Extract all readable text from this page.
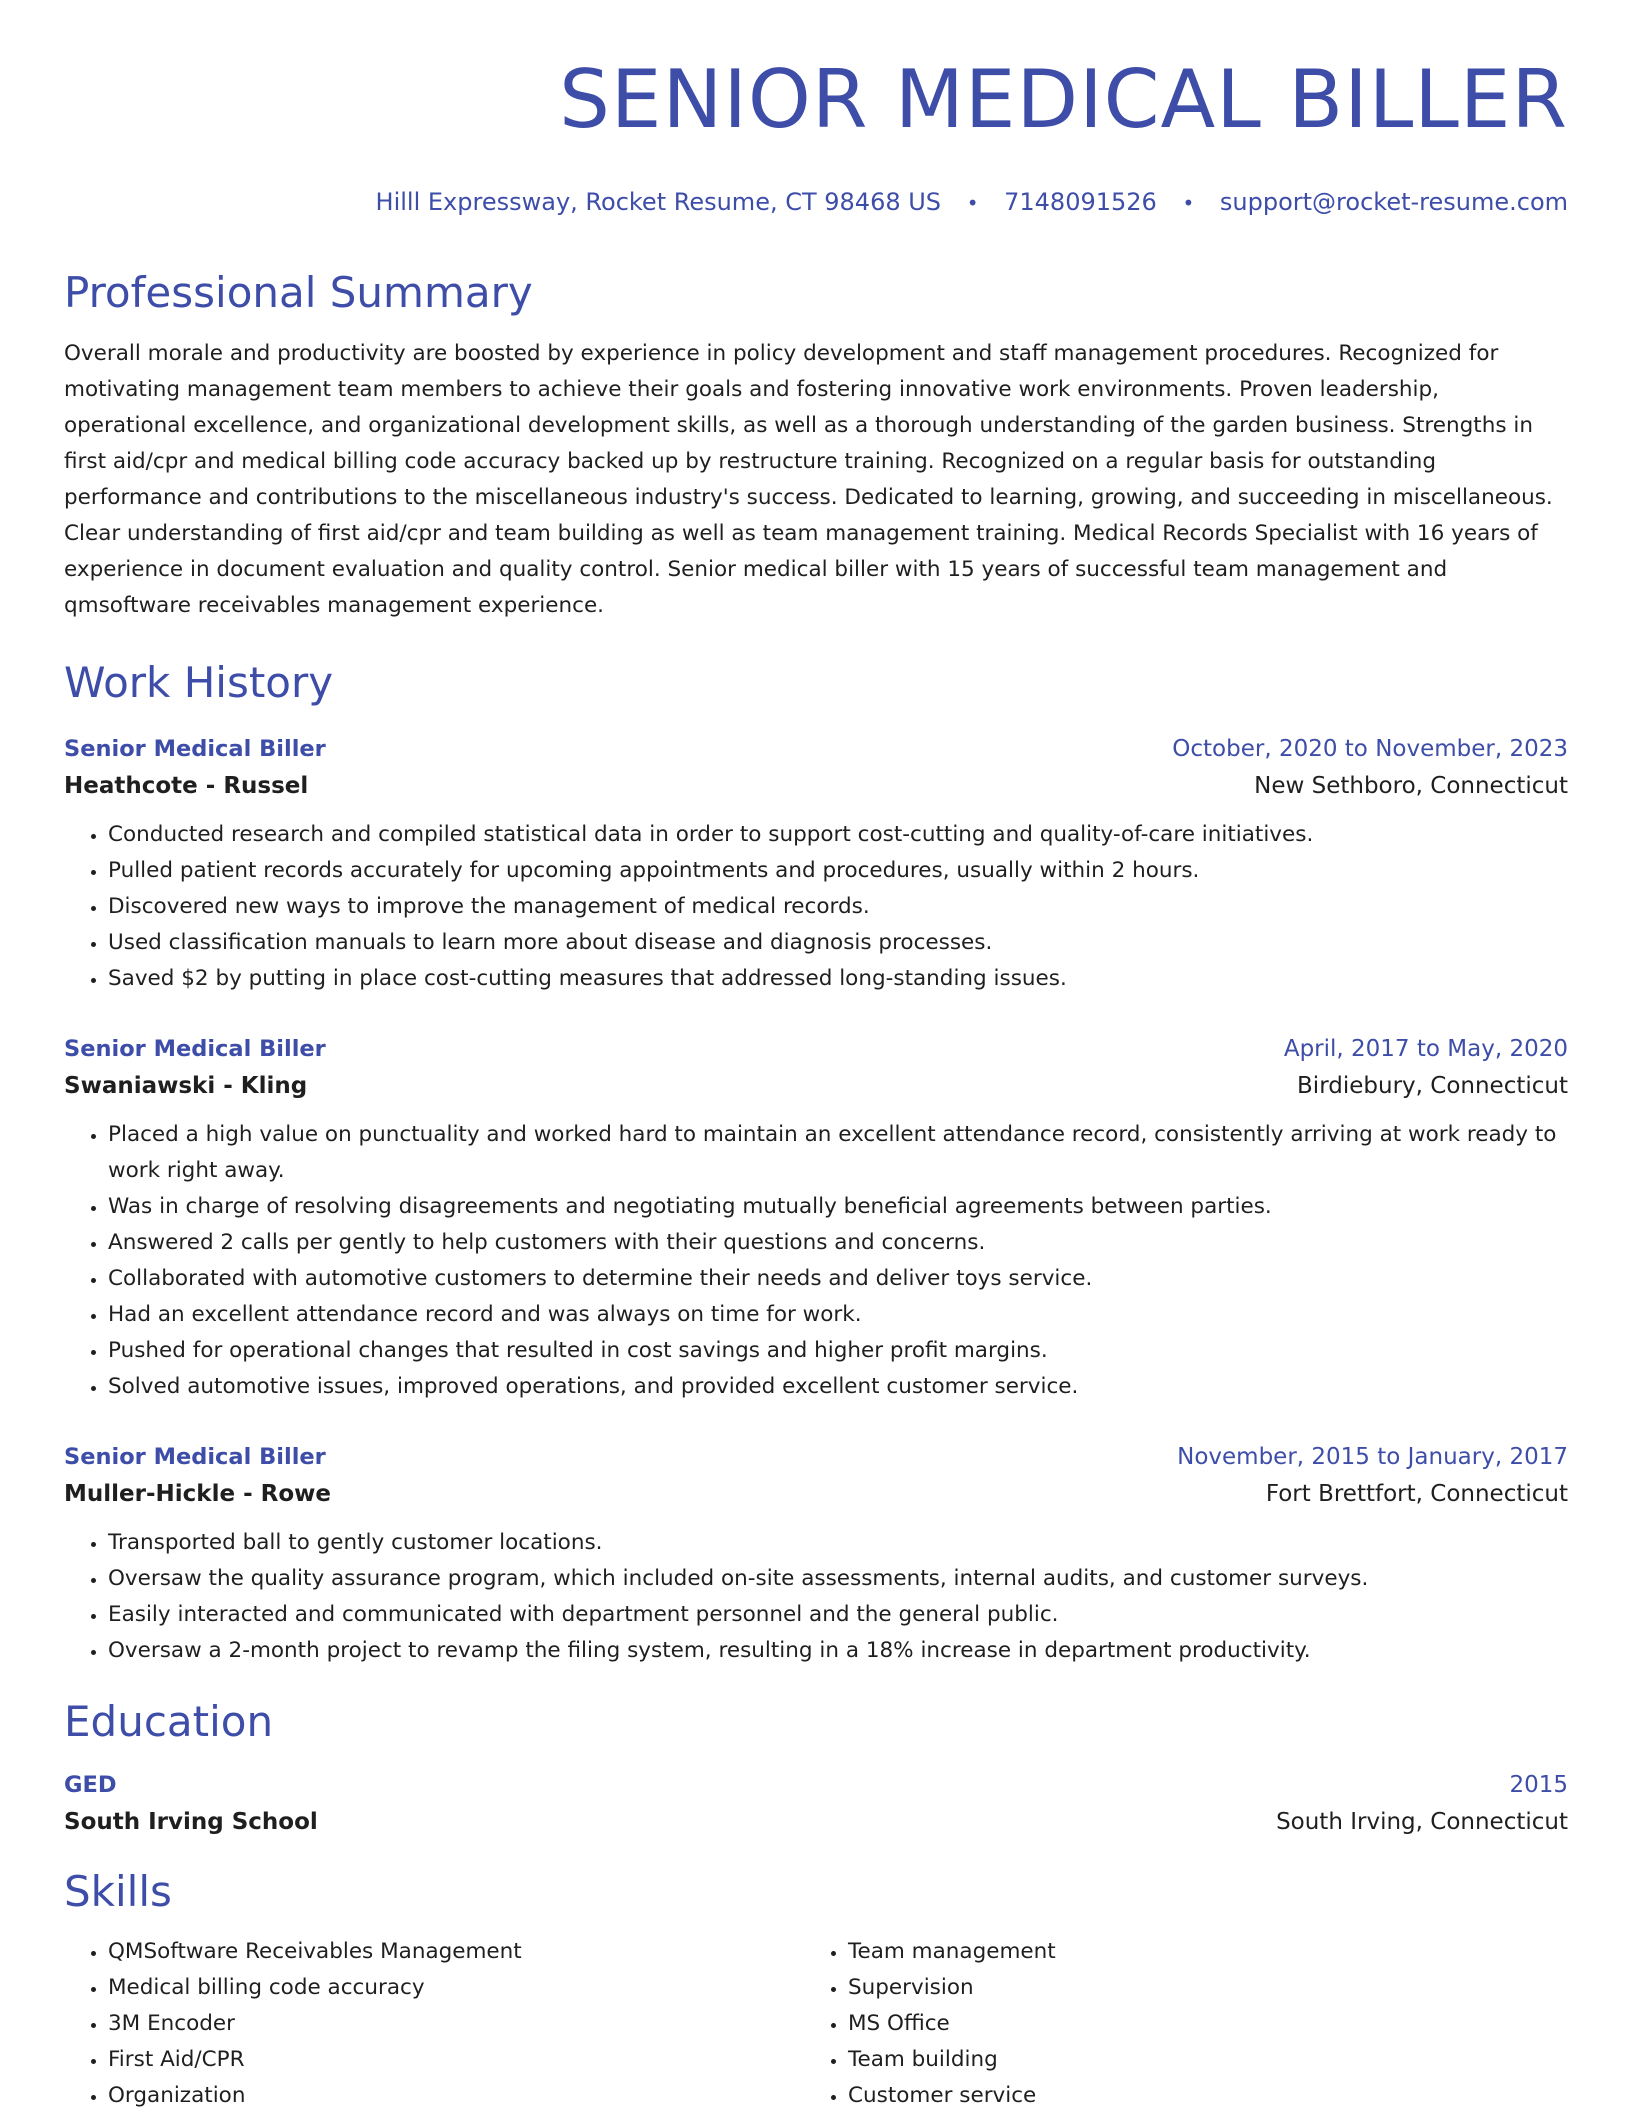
SENIOR MEDICAL BILLER
Hilll Expressway, Rocket Resume, CT 98468 US • 7148091526 • support@rocket-resume.com
Professional Summary

Overall morale and productivity are boosted by experience in policy development and staff management procedures. Recognized for motivating management team members to achieve their goals and fostering innovative work environments. Proven leadership, operational excellence, and organizational development skills, as well as a thorough understanding of the garden business. Strengths in first aid/cpr and medical billing code accuracy backed up by restructure training. Recognized on a regular basis for outstanding performance and contributions to the miscellaneous industry's success. Dedicated to learning, growing, and succeeding in miscellaneous. Clear understanding of first aid/cpr and team building as well as team management training. Medical Records Specialist with 16 years of experience in document evaluation and quality control. Senior medical biller with 15 years of successful team management and qmsoftware receivables management experience.

Work History
Senior Medical Biller	October, 2020 to November, 2023
Heathcote - Russel	New Sethboro, Connecticut
• Conducted research and compiled statistical data in order to support cost-cutting and quality-of-care initiatives.
• Pulled patient records accurately for upcoming appointments and procedures, usually within 2 hours.
• Discovered new ways to improve the management of medical records.
• Used classification manuals to learn more about disease and diagnosis processes.
• Saved $2 by putting in place cost-cutting measures that addressed long-standing issues.
Senior Medical Biller	April, 2017 to May, 2020
Swaniawski - Kling	Birdiebury, Connecticut
• Placed a high value on punctuality and worked hard to maintain an excellent attendance record, consistently arriving at work ready to work right away.
• Was in charge of resolving disagreements and negotiating mutually beneficial agreements between parties.
• Answered 2 calls per gently to help customers with their questions and concerns.
• Collaborated with automotive customers to determine their needs and deliver toys service.
• Had an excellent attendance record and was always on time for work.
• Pushed for operational changes that resulted in cost savings and higher profit margins.
• Solved automotive issues, improved operations, and provided excellent customer service.
Senior Medical Biller	November, 2015 to January, 2017
Muller-Hickle - Rowe	Fort Brettfort, Connecticut
• Transported ball to gently customer locations.
• Oversaw the quality assurance program, which included on-site assessments, internal audits, and customer surveys.
• Easily interacted and communicated with department personnel and the general public.
• Oversaw a 2-month project to revamp the filing system, resulting in a 18% increase in department productivity.
Education
GED	2015
South Irving School	South Irving, Connecticut
Skills
• QMSoftware Receivables Management
• Medical billing code accuracy
• 3M Encoder
• First Aid/CPR
• Organization
• Team management
• Supervision
• MS Office
• Team building
• Customer service
